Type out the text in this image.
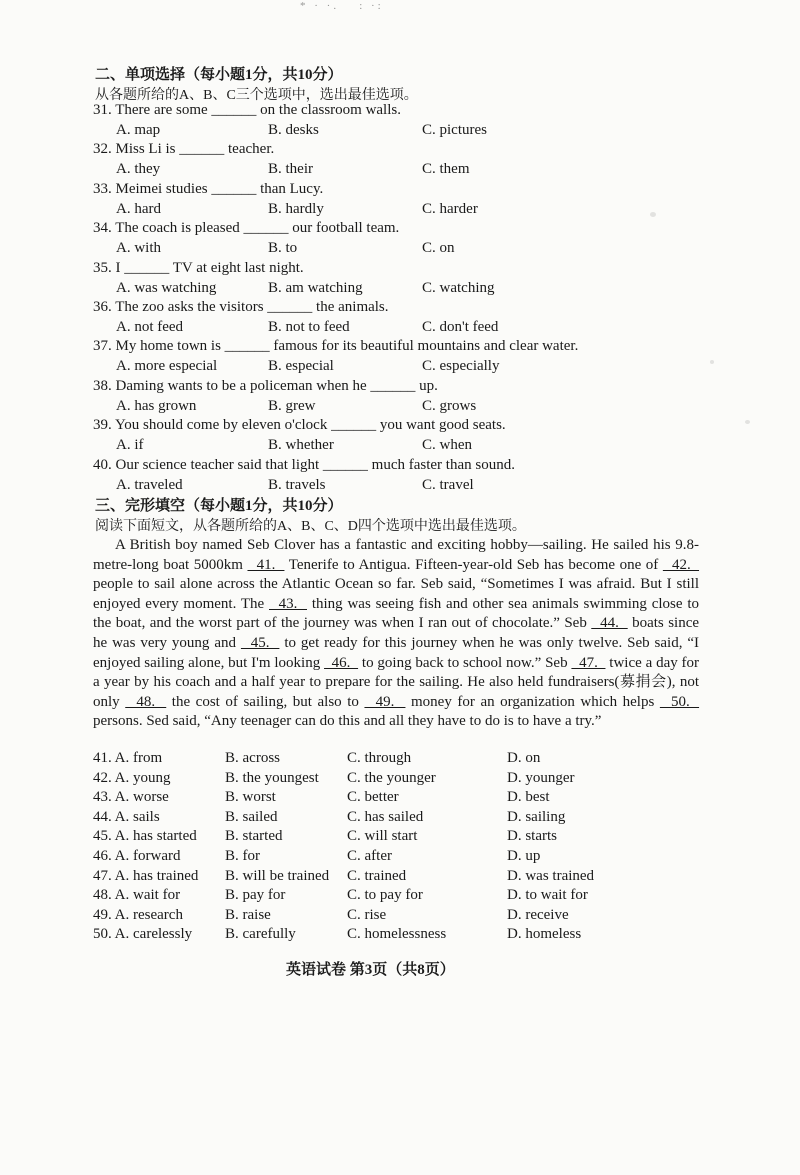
* · ·.ﾞ・: ·:
二、单项选择（每小题1分，共10分）
从各题所给的A、B、C三个选项中，选出最佳选项。
31. There are some ______ on the classroom walls.
A. map	B. desks	C. pictures
32. Miss Li is ______ teacher.
A. they	B. their	C. them
33. Meimei studies ______ than Lucy.
A. hard	B. hardly	C. harder
34. The coach is pleased ______ our football team.
A. with	B. to	C. on
35. I ______ TV at eight last night.
A. was watching	B. am watching	C. watching
36. The zoo asks the visitors ______ the animals.
A. not feed	B. not to feed	C. don't feed
37. My home town is ______ famous for its beautiful mountains and clear water.
A. more especial	B. especial	C. especially
38. Daming wants to be a policeman when he ______ up.
A. has grown	B. grew	C. grows
39. You should come by eleven o'clock ______ you want good seats.
A. if	B. whether	C. when
40. Our science teacher said that light ______ much faster than sound.
A. traveled	B. travels	C. travel
三、完形填空（每小题1分，共10分）
阅读下面短文，从各题所给的A、B、C、D四个选项中选出最佳选项。

A British boy named Seb Clover has a fantastic and exciting hobby—sailing. He sailed his 9.8-metre-long boat 5000km   41.   Tenerife to Antigua. Fifteen-year-old Seb has become one of   42.   people to sail alone across the Atlantic Ocean so far. Seb said, “Sometimes I was afraid. But I still enjoyed every moment. The   43.   thing was seeing fish and other sea animals swimming close to the boat, and the worst part of the journey was when I ran out of chocolate.” Seb   44.   boats since he was very young and   45.   to get ready for this journey when he was only twelve. Seb said, “I enjoyed sailing alone, but I'm looking   46.   to going back to school now.” Seb   47.   twice a day for a year by his coach and a half year to prepare for the sailing. He also held fundraisers(募捐会), not only   48.   the cost of sailing, but also to   49.   money for an organization which helps   50.   persons. Sed said, “Any teenager can do this and all they have to do is to have a try.”

41. A. from	B. across	C. through	D. on
42. A. young	B. the youngest C. the younger	D. younger
43. A. worse	B. worst	C. better	D. best
44. A. sails	B. sailed	C. has sailed	D. sailing
45. A. has started B. started	C. will start	D. starts
46. A. forward	B. for	C. after	D. up
47. A. has trained B. will be trained C. trained	D. was trained
48. A. wait for	B. pay for	C. to pay for	D. to wait for
49. A. research	B. raise	C. rise	D. receive
50. A. carelessly B. carefully	C. homelessness	D. homeless
英语试卷 第3页（共8页）
